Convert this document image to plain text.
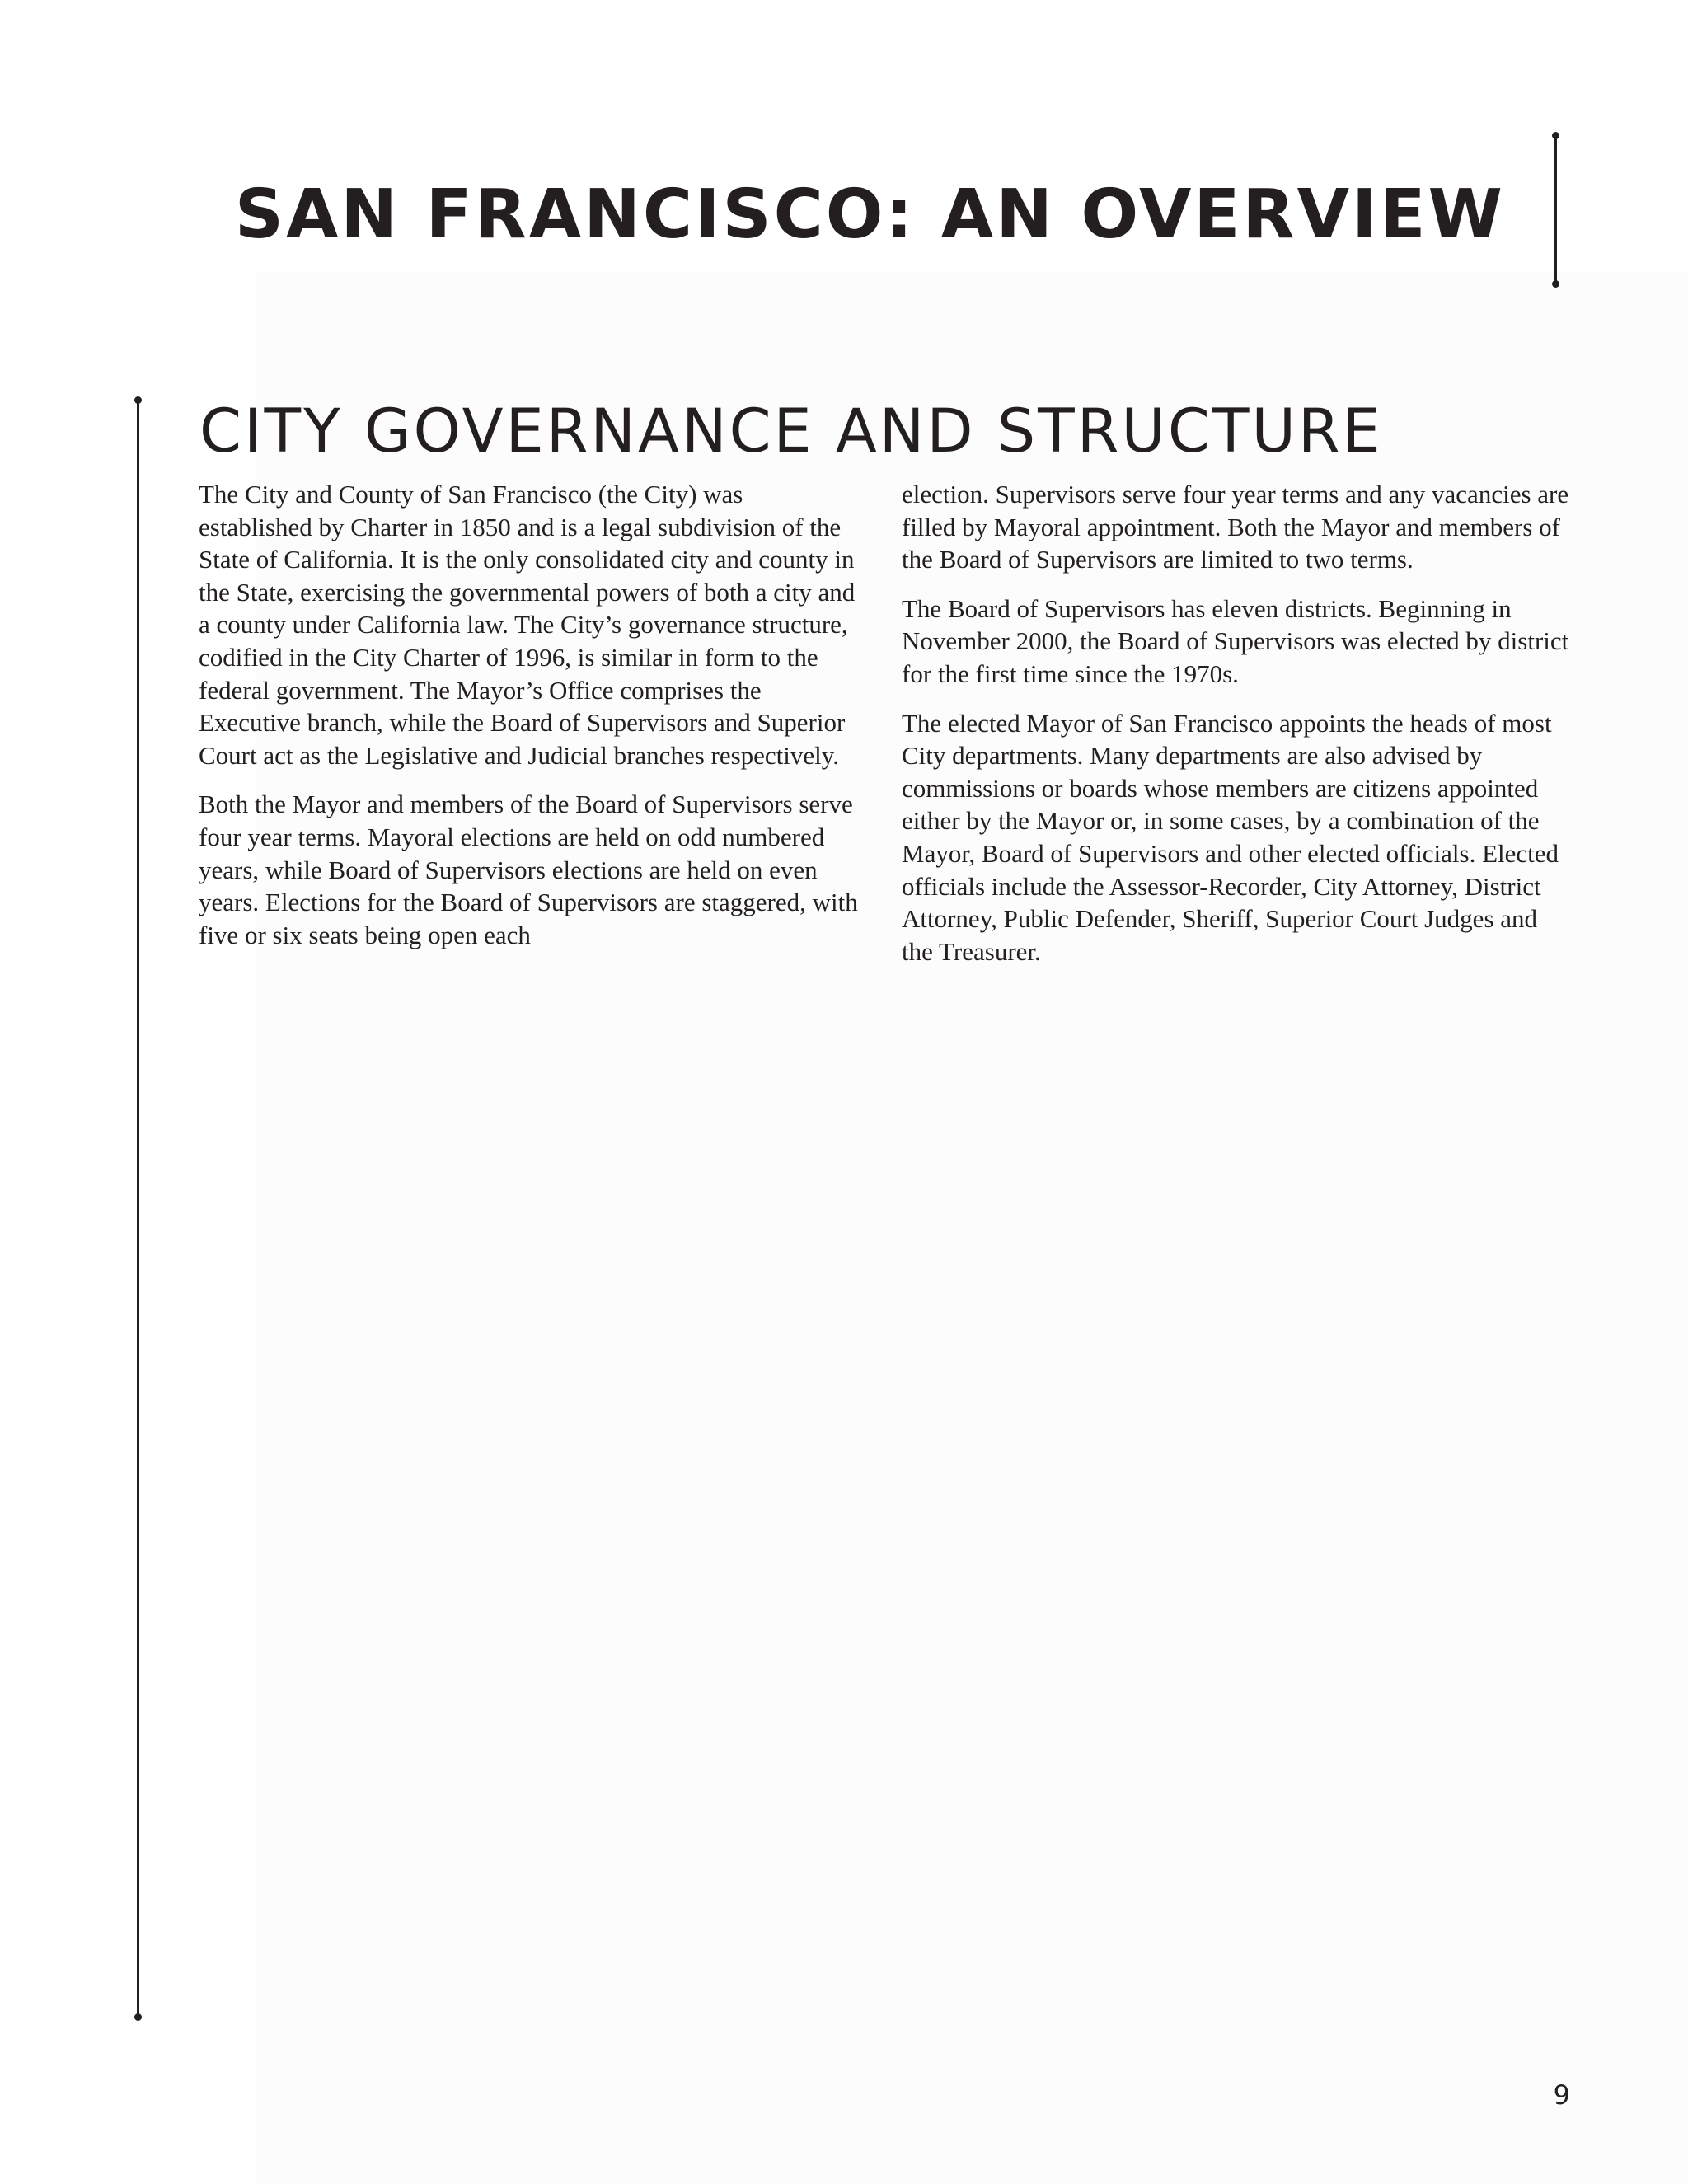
SAN FRANCISCO: AN OVERVIEW
CITY GOVERNANCE AND STRUCTURE

The City and County of San Francisco (the City) was established by Charter in 1850 and is a legal subdivision of the State of California. It is the only consolidated city and county in the State, exercising the governmental powers of both a city and a county under California law. The City’s governance structure, codified in the City Charter of 1996, is similar in form to the federal government. The Mayor’s Office comprises the Executive branch, while the Board of Supervisors and Superior Court act as the Legislative and Judicial branches respectively.

Both the Mayor and members of the Board of Supervisors serve four year terms. Mayoral elections are held on odd numbered years, while Board of Supervisors elections are held on even years. Elections for the Board of Supervisors are staggered, with five or six seats being open each

election. Supervisors serve four year terms and any vacancies are filled by Mayoral appointment. Both the Mayor and members of the Board of Supervisors are limited to two terms.

The Board of Supervisors has eleven districts. Beginning in November 2000, the Board of Supervisors was elected by district for the first time since the 1970s.

The elected Mayor of San Francisco appoints the heads of most City departments. Many departments are also advised by commissions or boards whose members are citizens appointed either by the Mayor or, in some cases, by a combination of the Mayor, Board of Supervisors and other elected officials. Elected officials include the Assessor-Recorder, City Attorney, District Attorney, Public Defender, Sheriff, Superior Court Judges and the Treasurer.

9
